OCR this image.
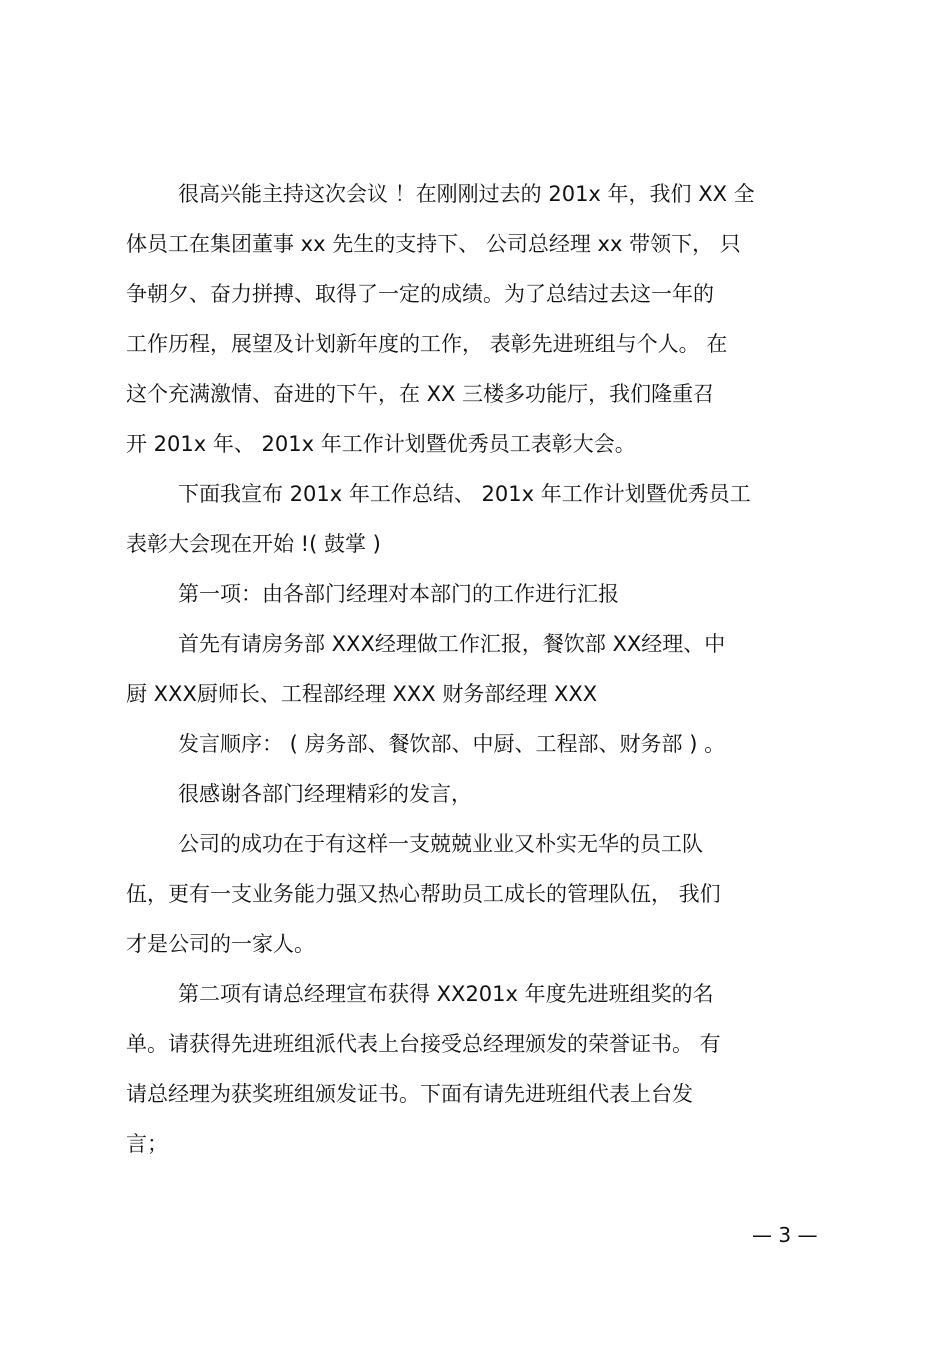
很高兴能主持这次会议 ！在刚刚过去的 201x 年，我们 XX 全
体员工在集团董事 xx 先生的支持下、 公司总经理 xx 带领下， 只
争朝夕、奋力拼搏、取得了一定的成绩。为了总结过去这一年的
工作历程，展望及计划新年度的工作， 表彰先进班组与个人。 在
这个充满激情、奋进的下午，在 XX 三楼多功能厅，我们隆重召
开 201x 年、 201x 年工作计划暨优秀员工表彰大会。
下面我宣布 201x 年工作总结、 201x 年工作计划暨优秀员工
表彰大会现在开始 !( 鼓掌 )
第一项：由各部门经理对本部门的工作进行汇报
首先有请房务部 XXX经理做工作汇报，餐饮部 XX经理、中
厨 XXX厨师长、工程部经理 XXX 财务部经理 XXX
发言顺序： ( 房务部、餐饮部、中厨、工程部、财务部 ) 。
很感谢各部门经理精彩的发言，
公司的成功在于有这样一支兢兢业业又朴实无华的员工队
伍，更有一支业务能力强又热心帮助员工成长的管理队伍， 我们
才是公司的一家人。
第二项有请总经理宣布获得 XX201x 年度先进班组奖的名
单。请获得先进班组派代表上台接受总经理颁发的荣誉证书。 有
请总经理为获奖班组颁发证书。下面有请先进班组代表上台发
言；
— 3 —
